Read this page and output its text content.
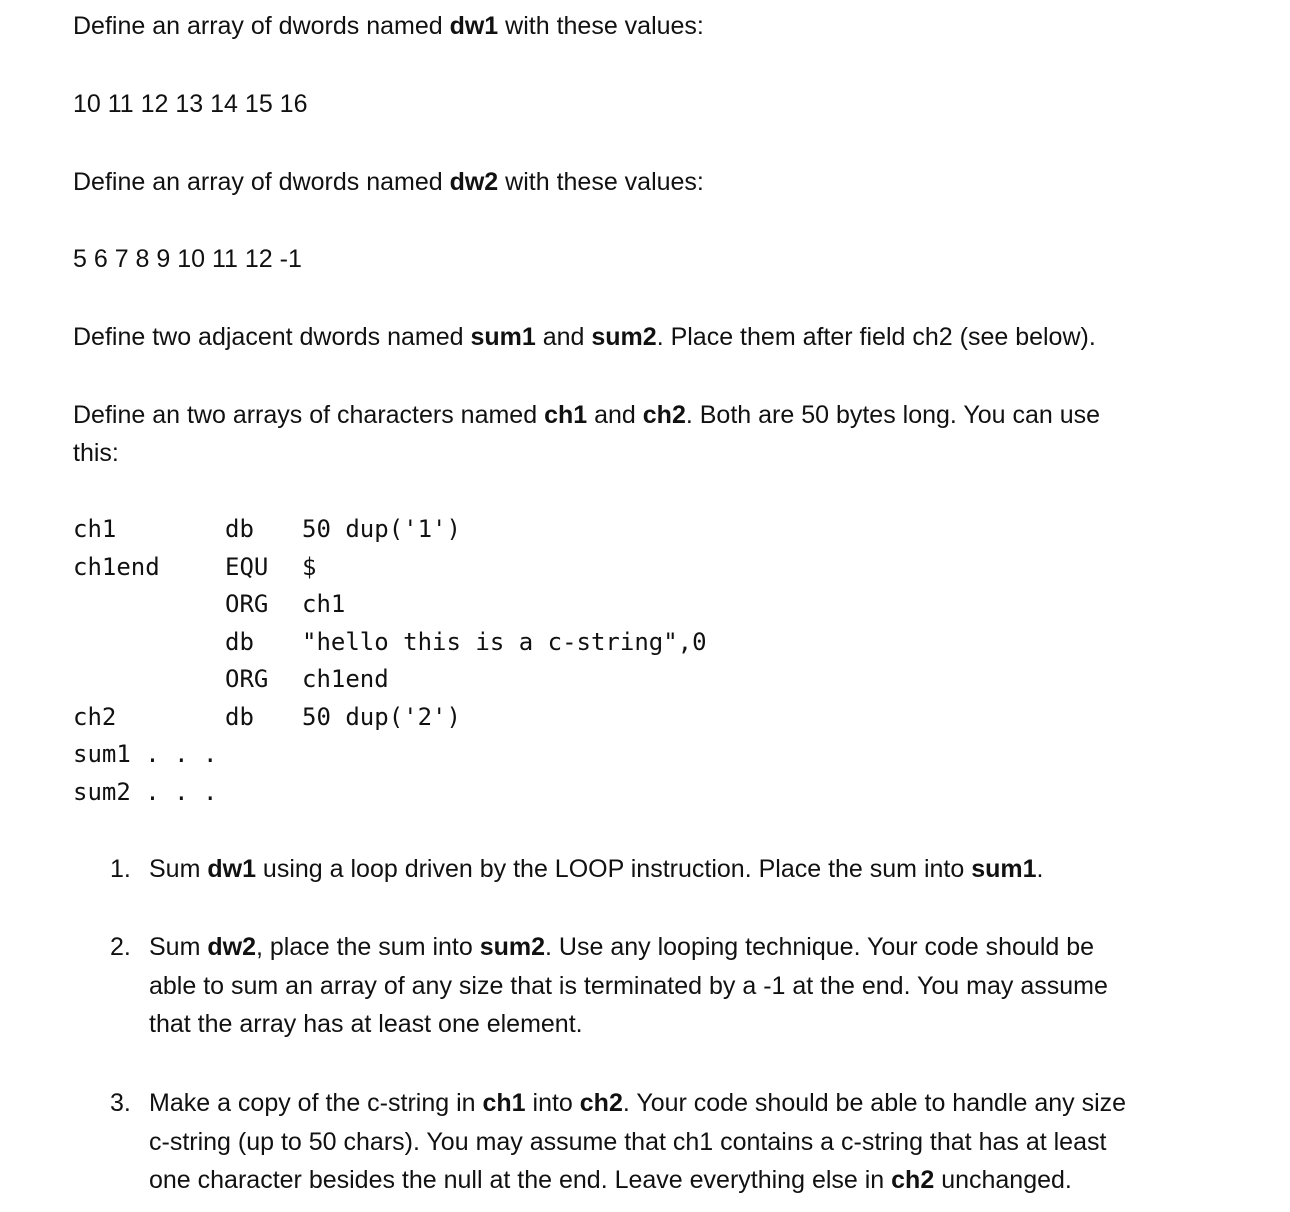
Define an array of dwords named dw1 with these values:
10 11 12 13 14 15 16
Define an array of dwords named dw2 with these values:
5 6 7 8 9 10 11 12 -1
Define two adjacent dwords named sum1 and sum2. Place them after field ch2 (see below).
Define an two arrays of characters named ch1 and ch2. Both are 50 bytes long. You can use
this:
ch1	db 50 dup('1')
ch1end	EQU $
ORG ch1
db "hello this is a c-string",0
ORG ch1end
ch2	db 50 dup('2')
sum1 . . .
sum2 . . .
1. Sum dw1 using a loop driven by the LOOP instruction. Place the sum into sum1.
2. Sum dw2, place the sum into sum2. Use any looping technique. Your code should be
able to sum an array of any size that is terminated by a -1 at the end. You may assume
that the array has at least one element.
3. Make a copy of the c-string in ch1 into ch2. Your code should be able to handle any size
c-string (up to 50 chars). You may assume that ch1 contains a c-string that has at least
one character besides the null at the end. Leave everything else in ch2 unchanged.
